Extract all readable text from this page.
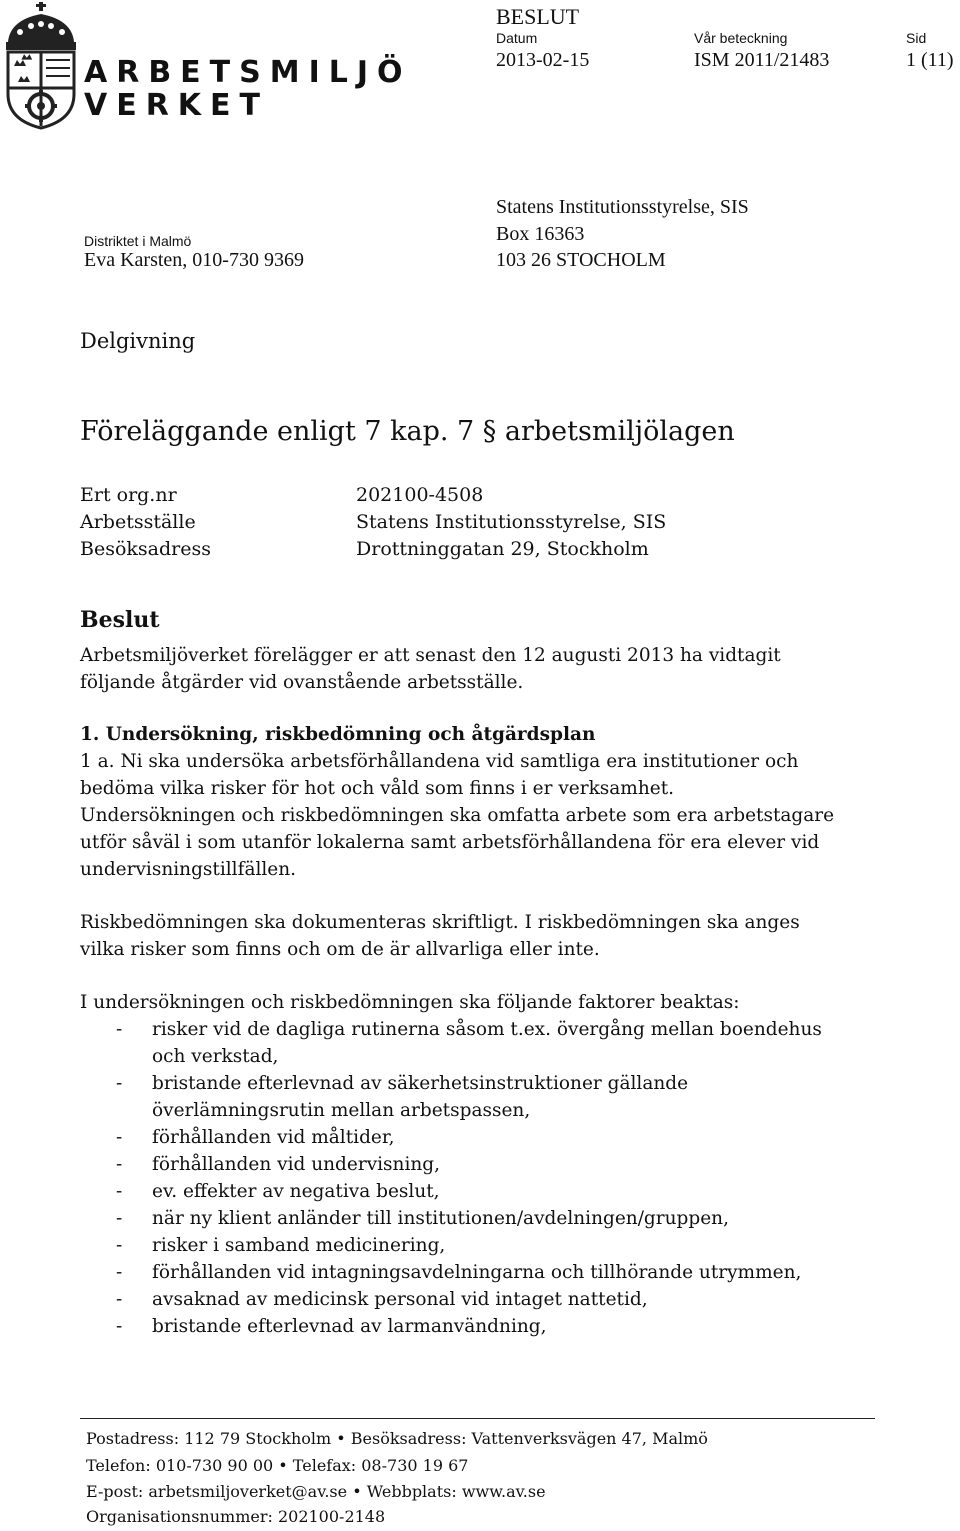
ARBETSMILJÖ
VERKET
BESLUT
Datum
2013-02-15
Vår beteckning
ISM 2011/21483
Sid
1 (11)
Distriktet i Malmö
Eva Karsten, 010-730 9369
Statens Institutionsstyrelse, SIS
Box 16363
103 26 STOCHOLM
Delgivning
Föreläggande enligt 7 kap. 7 § arbetsmiljölagen
Ert org.nr	202100-4508
Arbetsställe	Statens Institutionsstyrelse, SIS
Besöksadress	Drottninggatan 29, Stockholm
Beslut
Arbetsmiljöverket förelägger er att senast den 12 augusti 2013 ha vidtagit
följande åtgärder vid ovanstående arbetsställe.
1. Undersökning, riskbedömning och åtgärdsplan
1 a. Ni ska undersöka arbetsförhållandena vid samtliga era institutioner och
bedöma vilka risker för hot och våld som finns i er verksamhet.
Undersökningen och riskbedömningen ska omfatta arbete som era arbetstagare
utför såväl i som utanför lokalerna samt arbetsförhållandena för era elever vid
undervisningstillfällen.
Riskbedömningen ska dokumenteras skriftligt. I riskbedömningen ska anges
vilka risker som finns och om de är allvarliga eller inte.
I undersökningen och riskbedömningen ska följande faktorer beaktas:
- risker vid de dagliga rutinerna såsom t.ex. övergång mellan boendehus
och verkstad,
- bristande efterlevnad av säkerhetsinstruktioner gällande
överlämningsrutin mellan arbetspassen,
- förhållanden vid måltider,
- förhållanden vid undervisning,
- ev. effekter av negativa beslut,
- när ny klient anländer till institutionen/avdelningen/gruppen,
- risker i samband medicinering,
- förhållanden vid intagningsavdelningarna och tillhörande utrymmen,
- avsaknad av medicinsk personal vid intaget nattetid,
- bristande efterlevnad av larmanvändning,
Postadress: 112 79 Stockholm • Besöksadress: Vattenverksvägen 47, Malmö
Telefon: 010-730 90 00 • Telefax: 08-730 19 67
E-post: arbetsmiljoverket@av.se • Webbplats: www.av.se
Organisationsnummer: 202100-2148
